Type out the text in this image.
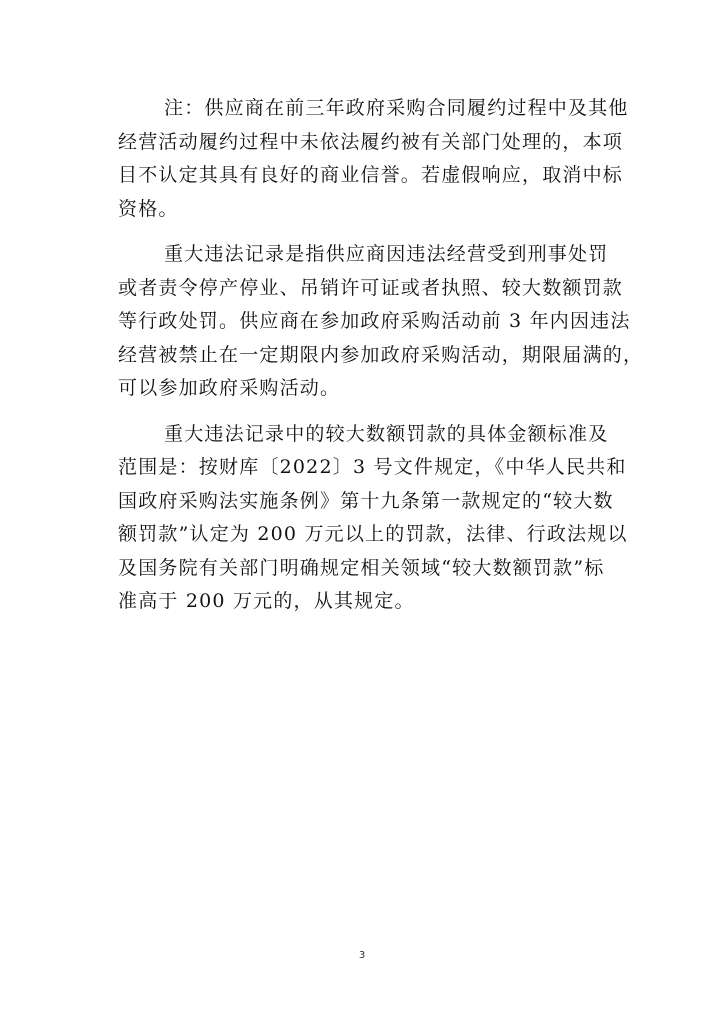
注：供应商在前三年政府采购合同履约过程中及其他
经营活动履约过程中未依法履约被有关部门处理的，本项
目不认定其具有良好的商业信誉。若虚假响应，取消中标
资格。
重大违法记录是指供应商因违法经营受到刑事处罚
或者责令停产停业、吊销许可证或者执照、较大数额罚款
等行政处罚。供应商在参加政府采购活动前 3 年内因违法
经营被禁止在一定期限内参加政府采购活动，期限届满的，
可以参加政府采购活动。
重大违法记录中的较大数额罚款的具体金额标准及
范围是：按财库〔2022〕3 号文件规定，《中华人民共和
国政府采购法实施条例》第十九条第一款规定的“较大数
额罚款”认定为 200 万元以上的罚款，法律、行政法规以
及国务院有关部门明确规定相关领域“较大数额罚款”标
准高于 200 万元的，从其规定。
3
